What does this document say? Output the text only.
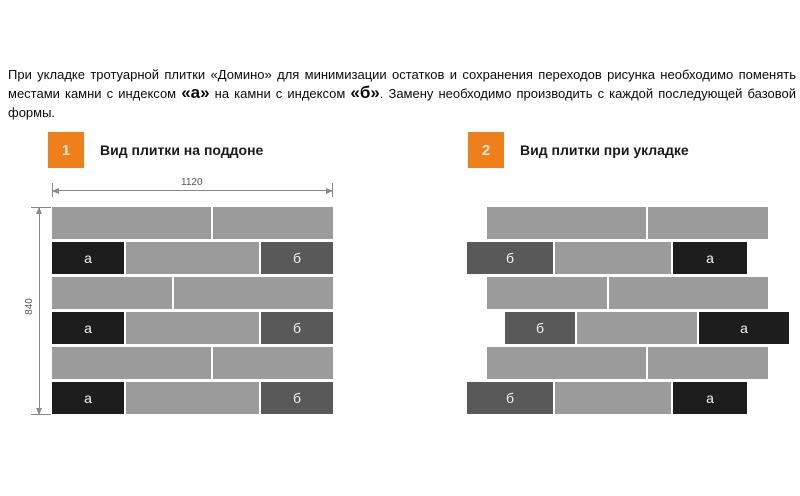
При укладке тротуарной плитки «Домино» для минимизации остатков и сохранения переходов рисунка необходимо поменять местами камни с индексом «а» на камни с индексом «б». Замену необходимо производить с каждой последующей базовой формы.

1	Вид плитки на поддоне	2	Вид плитки при укладке
1120
840
а	б
а	б
а	б
б	а
б	а
б	а
